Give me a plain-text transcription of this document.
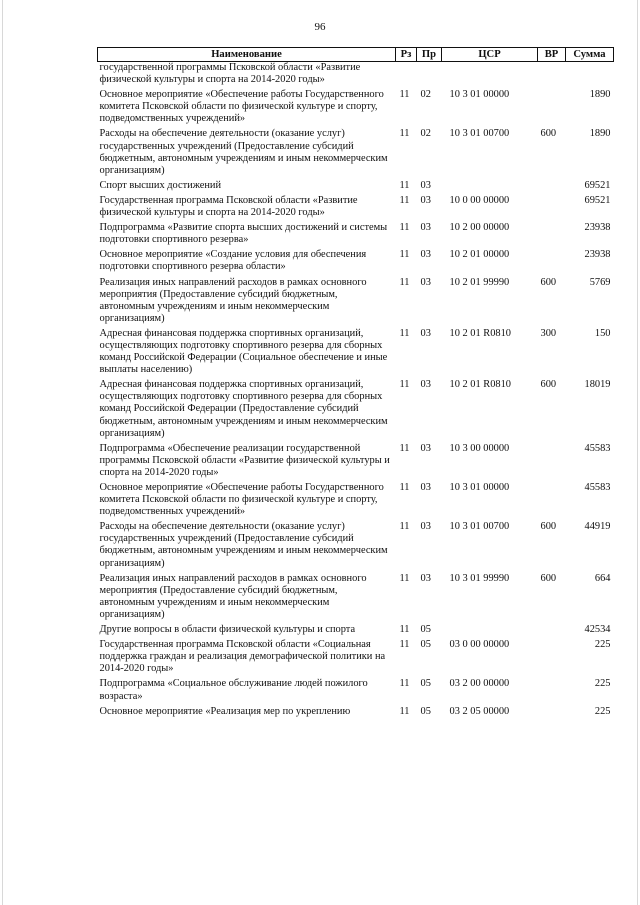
96
Наименование	Рз	Пр	ЦСР	ВР	Сумма
государственной программы Псковской области «Развитие физической культуры и спорта на 2014-2020 годы»					
Основное мероприятие «Обеспечение работы Государственного комитета Псковской области по физической культуре и спорту, подведомственных учреждений»	11	02	10 3 01 00000		1890
Расходы на обеспечение деятельности (оказание услуг) государственных учреждений (Предоставление субсидий бюджетным, автономным учреждениям и иным некоммерческим организациям)	11	02	10 3 01 00700	600	1890
Спорт высших достижений	11	03			69521
Государственная программа Псковской области «Развитие физической культуры и спорта на 2014-2020 годы»	11	03	10 0 00 00000		69521
Подпрограмма «Развитие спорта высших достижений и системы подготовки спортивного резерва»	11	03	10 2 00 00000		23938
Основное мероприятие «Создание условия для обеспечения подготовки спортивного резерва области»	11	03	10 2 01 00000		23938
Реализация иных направлений расходов в рамках основного мероприятия (Предоставление субсидий бюджетным, автономным учреждениям и иным некоммерческим организациям)	11	03	10 2 01 99990	600	5769
Адресная финансовая поддержка спортивных организаций, осуществляющих подготовку спортивного резерва для сборных команд Российской Федерации (Социальное обеспечение и иные выплаты населению)	11	03	10 2 01 R0810	300	150
Адресная финансовая поддержка спортивных организаций, осуществляющих подготовку спортивного резерва для сборных команд Российской Федерации (Предоставление субсидий бюджетным, автономным учреждениям и иным некоммерческим организациям)	11	03	10 2 01 R0810	600	18019
Подпрограмма «Обеспечение реализации государственной программы Псковской области «Развитие физической культуры и спорта на 2014-2020 годы»	11	03	10 3 00 00000		45583
Основное мероприятие «Обеспечение работы Государственного комитета Псковской области по физической культуре и спорту, подведомственных учреждений»	11	03	10 3 01 00000		45583
Расходы на обеспечение деятельности (оказание услуг) государственных учреждений (Предоставление субсидий бюджетным, автономным учреждениям и иным некоммерческим организациям)	11	03	10 3 01 00700	600	44919
Реализация иных направлений расходов в рамках основного мероприятия (Предоставление субсидий бюджетным, автономным учреждениям и иным некоммерческим организациям)	11	03	10 3 01 99990	600	664
Другие вопросы в области физической культуры и спорта	11	05			42534
Государственная программа Псковской области «Социальная поддержка граждан и реализация демографической политики на 2014-2020 годы»	11	05	03 0 00 00000		225
Подпрограмма «Социальное обслуживание людей пожилого возраста»	11	05	03 2 00 00000		225
Основное мероприятие «Реализация мер по укреплению	11	05	03 2 05 00000		225
